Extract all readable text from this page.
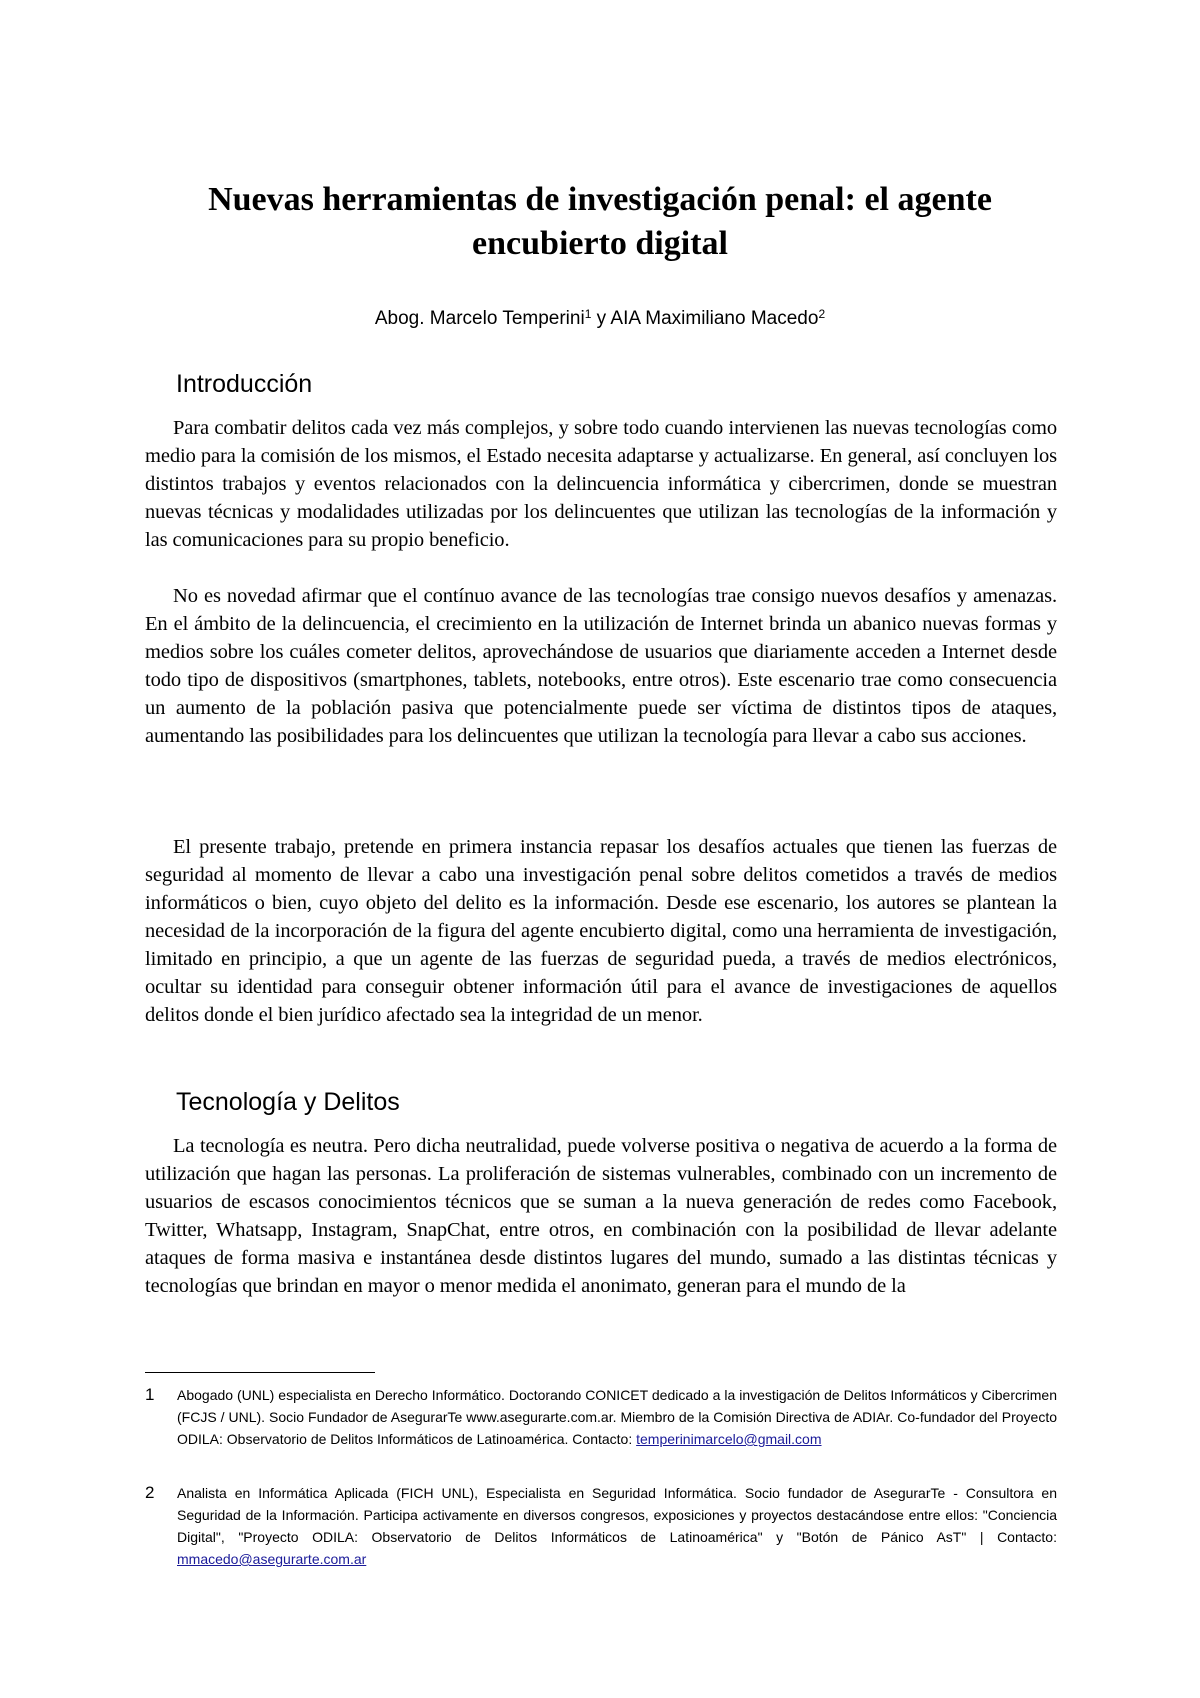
Nuevas herramientas de investigación penal: el agente encubierto digital
Abog. Marcelo Temperini$^1$ y AIA Maximiliano Macedo$^2$
Introducción

Para combatir delitos cada vez más complejos, y sobre todo cuando intervienen las nuevas tecnologías como medio para la comisión de los mismos, el Estado necesita adaptarse y actualizarse. En general, así concluyen los distintos trabajos y eventos relacionados con la delincuencia informática y cibercrimen, donde se muestran nuevas técnicas y modalidades utilizadas por los delincuentes que utilizan las tecnologías de la información y las comunicaciones para su propio beneficio.

No es novedad afirmar que el contínuo avance de las tecnologías trae consigo nuevos desafíos y amenazas. En el ámbito de la delincuencia, el crecimiento en la utilización de Internet brinda un abanico nuevas formas y medios sobre los cuáles cometer delitos, aprovechándose de usuarios que diariamente acceden a Internet desde todo tipo de dispositivos (smartphones, tablets, notebooks, entre otros). Este escenario trae como consecuencia un aumento de la población pasiva que potencialmente puede ser víctima de distintos tipos de ataques, aumentando las posibilidades para los delincuentes que utilizan la tecnología para llevar a cabo sus acciones.

El presente trabajo, pretende en primera instancia repasar los desafíos actuales que tienen las fuerzas de seguridad al momento de llevar a cabo una investigación penal sobre delitos cometidos a través de medios informáticos o bien, cuyo objeto del delito es la información. Desde ese escenario, los autores se plantean la necesidad de la incorporación de la figura del agente encubierto digital, como una herramienta de investigación, limitado en principio, a que un agente de las fuerzas de seguridad pueda, a través de medios electrónicos, ocultar su identidad para conseguir obtener información útil para el avance de investigaciones de aquellos delitos donde el bien jurídico afectado sea la integridad de un menor.

Tecnología y Delitos

La tecnología es neutra. Pero dicha neutralidad, puede volverse positiva o negativa de acuerdo a la forma de utilización que hagan las personas. La proliferación de sistemas vulnerables, combinado con un incremento de usuarios de escasos conocimientos técnicos que se suman a la nueva generación de redes como Facebook, Twitter, Whatsapp, Instagram, SnapChat, entre otros, en combinación con la posibilidad de llevar adelante ataques de forma masiva e instantánea desde distintos lugares del mundo, sumado a las distintas técnicas y tecnologías que brindan en mayor o menor medida el anonimato, generan para el mundo de la

1 Abogado (UNL) especialista en Derecho Informático. Doctorando CONICET dedicado a la investigación de Delitos Informáticos y Cibercrimen (FCJS / UNL). Socio Fundador de AsegurarTe www.asegurarte.com.ar. Miembro de la Comisión Directiva de ADIAr. Co-fundador del Proyecto ODILA: Observatorio de Delitos Informáticos de Latinoamérica. Contacto: temperinimarcelo@gmail.com
2 Analista en Informática Aplicada (FICH UNL), Especialista en Seguridad Informática. Socio fundador de AsegurarTe - Consultora en Seguridad de la Información. Participa activamente en diversos congresos, exposiciones y proyectos destacándose entre ellos: "Conciencia Digital", "Proyecto ODILA: Observatorio de Delitos Informáticos de Latinoamérica" y "Botón de Pánico AsT" | Contacto: mmacedo@asegurarte.com.ar
